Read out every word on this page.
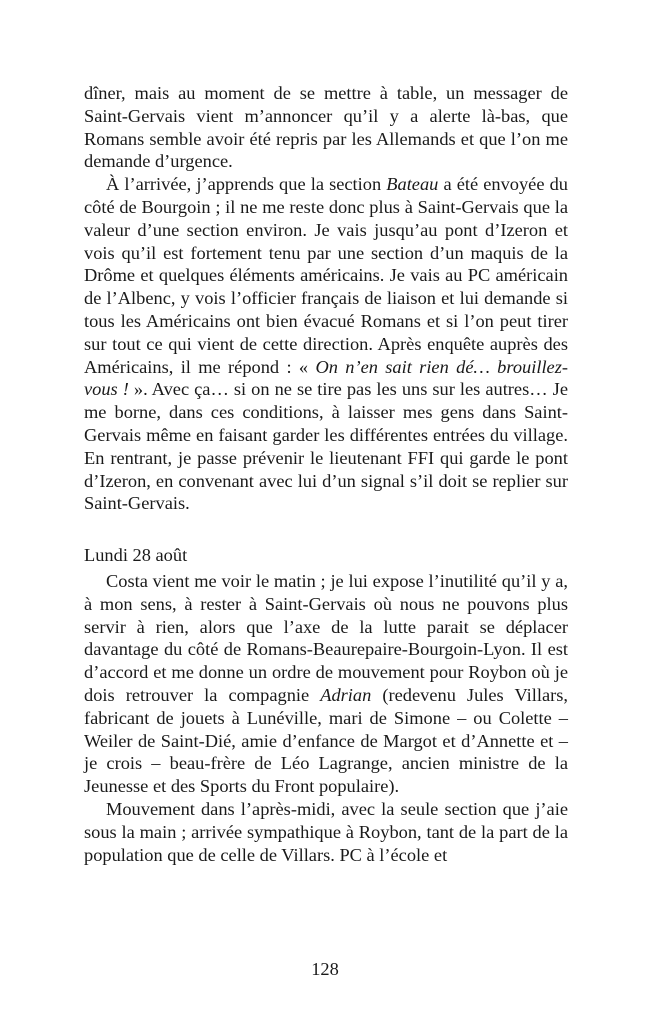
dîner, mais au moment de se mettre à table, un messager de Saint-Gervais vient m’annoncer qu’il y a alerte là-bas, que Romans semble avoir été repris par les Allemands et que l’on me demande d’urgence.

À l’arrivée, j’apprends que la section Bateau a été envoyée du côté de Bourgoin ; il ne me reste donc plus à Saint-Gervais que la valeur d’une section environ. Je vais jusqu’au pont d’Izeron et vois qu’il est fortement tenu par une section d’un maquis de la Drôme et quelques éléments américains. Je vais au PC américain de l’Albenc, y vois l’officier français de liaison et lui demande si tous les Américains ont bien évacué Romans et si l’on peut tirer sur tout ce qui vient de cette direction. Après enquête auprès des Américains, il me répond : « On n’en sait rien dé… brouillez-vous ! ». Avec ça… si on ne se tire pas les uns sur les autres… Je me borne, dans ces conditions, à laisser mes gens dans Saint-Gervais même en faisant garder les différentes entrées du village. En rentrant, je passe prévenir le lieutenant FFI qui garde le pont d’Izeron, en convenant avec lui d’un signal s’il doit se replier sur Saint-Gervais.

Lundi 28 août

Costa vient me voir le matin ; je lui expose l’inutilité qu’il y a, à mon sens, à rester à Saint-Gervais où nous ne pouvons plus servir à rien, alors que l’axe de la lutte parait se déplacer davantage du côté de Romans-Beaurepaire-Bourgoin-Lyon. Il est d’accord et me donne un ordre de mouvement pour Roybon où je dois retrouver la compagnie Adrian (redevenu Jules Villars, fabricant de jouets à Lunéville, mari de Simone – ou Colette – Weiler de Saint-Dié, amie d’enfance de Margot et d’Annette et – je crois – beau-frère de Léo Lagrange, ancien ministre de la Jeunesse et des Sports du Front populaire).

Mouvement dans l’après-midi, avec la seule section que j’aie sous la main ; arrivée sympathique à Roybon, tant de la part de la population que de celle de Villars. PC à l’école et

128
